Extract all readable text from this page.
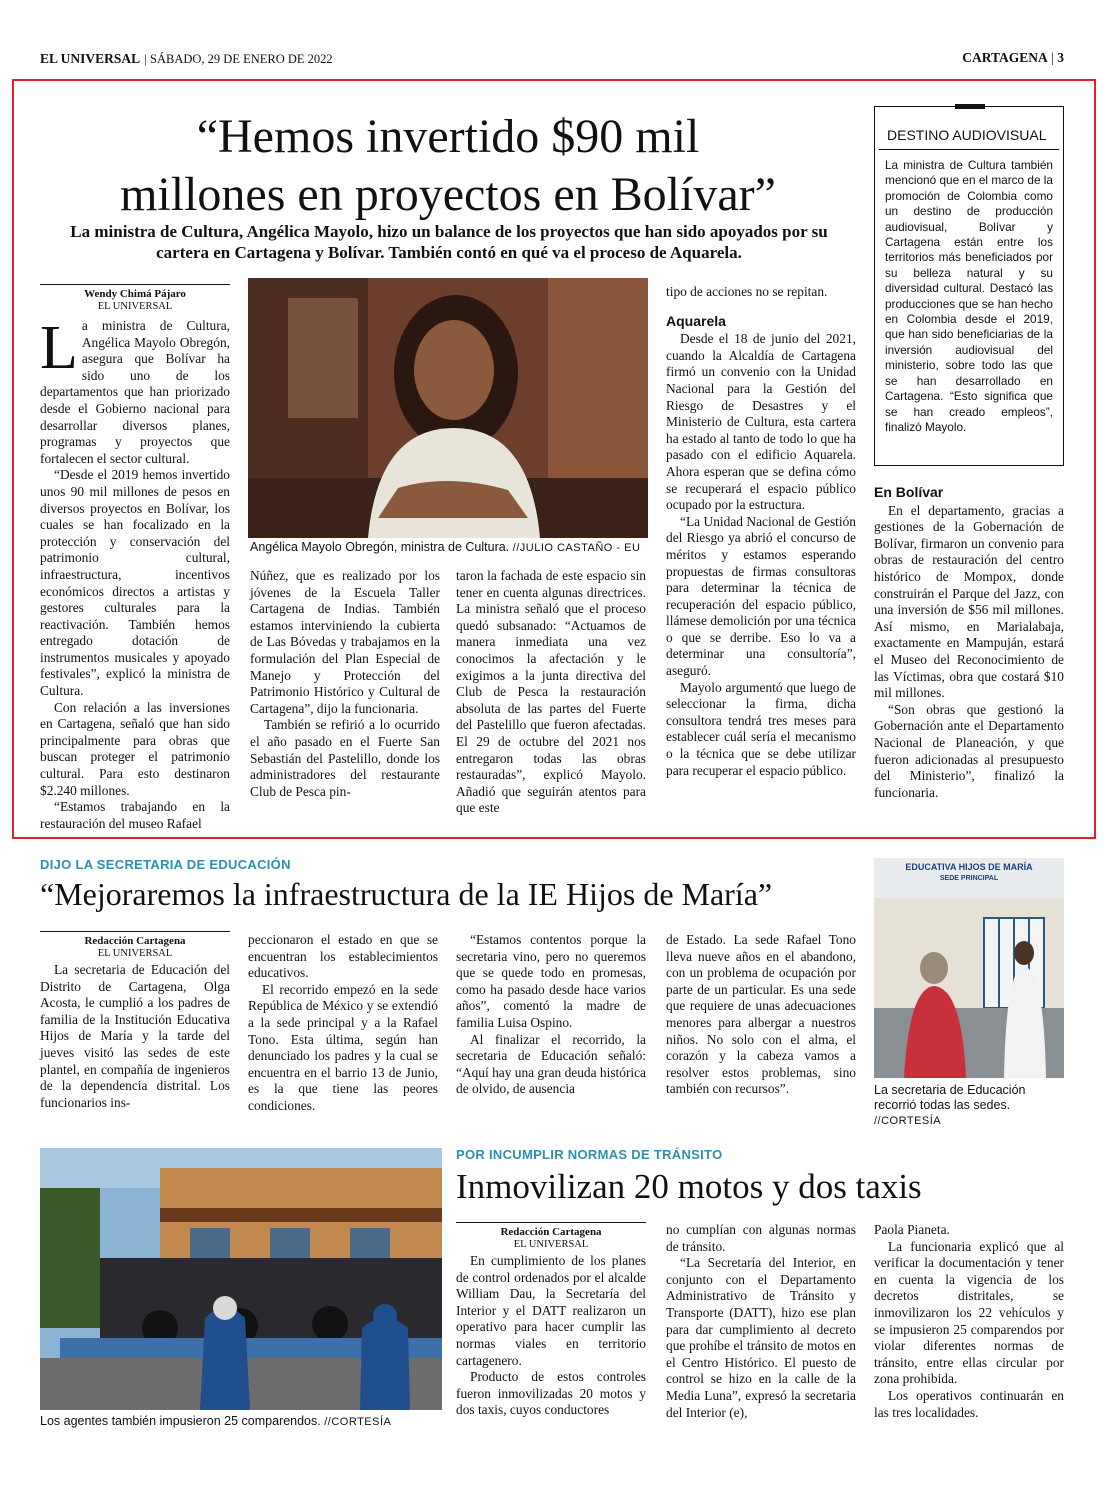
EL UNIVERSAL | SÁBADO, 29 DE ENERO DE 2022	CARTAGENA | 3
“Hemos invertido $90 mil
millones en proyectos en Bolívar”
La ministra de Cultura, Angélica Mayolo, hizo un balance de los proyectos que han sido apoyados por su cartera en Cartagena y Bolívar. También contó en qué va el proceso de Aquarela.
Wendy Chimá Pájaro
EL UNIVERSAL

La ministra de Cultura, Angélica Mayolo Obregón, asegura que Bolívar ha sido uno de los departamentos que han priorizado desde el Gobierno nacional para desarrollar diversos planes, programas y proyectos que fortalecen el sector cultural.

“Desde el 2019 hemos invertido unos 90 mil millones de pesos en diversos proyectos en Bolívar, los cuales se han focalizado en la protección y conservación del patrimonio cultural, infraestructura, incentivos económicos directos a artistas y gestores culturales para la reactivación. También hemos entregado dotación de instrumentos musicales y apoyado festivales”, explicó la ministra de Cultura.

Con relación a las inversiones en Cartagena, señaló que han sido principalmente para obras que buscan proteger el patrimonio cultural. Para esto destinaron $2.240 millones.

“Estamos trabajando en la restauración del museo Rafael

Angélica Mayolo Obregón, ministra de Cultura. //JULIO CASTAÑO - EU

Núñez, que es realizado por los jóvenes de la Escuela Taller Cartagena de Indias. También estamos interviniendo la cubierta de Las Bóvedas y trabajamos en la formulación del Plan Especial de Manejo y Protección del Patrimonio Histórico y Cultural de Cartagena”, dijo la funcionaria.

También se refirió a lo ocurrido el año pasado en el Fuerte San Sebastián del Pastelillo, donde los administradores del restaurante Club de Pesca pin-

taron la fachada de este espacio sin tener en cuenta algunas directrices. La ministra señaló que el proceso quedó subsanado: “Actuamos de manera inmediata una vez conocimos la afectación y le exigimos a la junta directiva del Club de Pesca la restauración absoluta de las partes del Fuerte del Pastelillo que fueron afectadas. El 29 de octubre del 2021 nos entregaron todas las obras restauradas”, explicó Mayolo. Añadió que seguirán atentos para que este

tipo de acciones no se repitan.

Aquarela

Desde el 18 de junio del 2021, cuando la Alcaldía de Cartagena firmó un convenio con la Unidad Nacional para la Gestión del Riesgo de Desastres y el Ministerio de Cultura, esta cartera ha estado al tanto de todo lo que ha pasado con el edificio Aquarela. Ahora esperan que se defina cómo se recuperará el espacio público ocupado por la estructura.

“La Unidad Nacional de Gestión del Riesgo ya abrió el concurso de méritos y estamos esperando propuestas de firmas consultoras para determinar la técnica de recuperación del espacio público, llámese demolición por una técnica o que se derribe. Eso lo va a determinar una consultoría”, aseguró.

Mayolo argumentó que luego de seleccionar la firma, dicha consultora tendrá tres meses para establecer cuál sería el mecanismo o la técnica que se debe utilizar para recuperar el espacio público.

DESTINO AUDIOVISUAL
La ministra de Cultura también mencionó que en el marco de la promoción de Colombia como un destino de producción audiovisual, Bolívar y Cartagena están entre los territorios más beneficiados por su belleza natural y su diversidad cultural. Destacó las producciones que se han hecho en Colombia desde el 2019, que han sido beneficiarias de la inversión audiovisual del ministerio, sobre todo las que se han desarrollado en Cartagena. “Esto significa que se han creado empleos”, finalizó Mayolo.
En Bolívar

En el departamento, gracias a gestiones de la Gobernación de Bolívar, firmaron un convenio para obras de restauración del centro histórico de Mompox, donde construirán el Parque del Jazz, con una inversión de $56 mil millones. Así mismo, en Marialabaja, exactamente en Mampuján, estará el Museo del Reconocimiento de las Víctimas, obra que costará $10 mil millones.

“Son obras que gestionó la Gobernación ante el Departamento Nacional de Planeación, y que fueron adicionadas al presupuesto del Ministerio”, finalizó la funcionaria.

DIJO LA SECRETARIA DE EDUCACIÓN
“Mejoraremos la infraestructura de la IE Hijos de María”
Redacción Cartagena
EL UNIVERSAL

La secretaria de Educación del Distrito de Cartagena, Olga Acosta, le cumplió a los padres de familia de la Institución Educativa Hijos de María y la tarde del jueves visitó las sedes de este plantel, en compañía de ingenieros de la dependencia distrital. Los funcionarios ins-

peccionaron el estado en que se encuentran los establecimientos educativos.

El recorrido empezó en la sede República de México y se extendió a la sede principal y a la Rafael Tono. Esta última, según han denunciado los padres y la cual se encuentra en el barrio 13 de Junio, es la que tiene las peores condiciones.

“Estamos contentos porque la secretaria vino, pero no queremos que se quede todo en promesas, como ha pasado desde hace varios años”, comentó la madre de familia Luisa Ospino.

Al finalizar el recorrido, la secretaria de Educación señaló: “Aquí hay una gran deuda histórica de olvido, de ausencia

de Estado. La sede Rafael Tono lleva nueve años en el abandono, con un problema de ocupación por parte de un particular. Es una sede que requiere de unas adecuaciones menores para albergar a nuestros niños. No solo con el alma, el corazón y la cabeza vamos a resolver estos problemas, sino también con recursos”.

EDUCATIVA HIJOS DE MARÍA
SEDE PRINCIPAL
La secretaria de Educación recorrió todas las sedes. //CORTESÍA
Los agentes también impusieron 25 comparendos. //CORTESÍA
POR INCUMPLIR NORMAS DE TRÁNSITO
Inmovilizan 20 motos y dos taxis
Redacción Cartagena
EL UNIVERSAL

En cumplimiento de los planes de control ordenados por el alcalde William Dau, la Secretaría del Interior y el DATT realizaron un operativo para hacer cumplir las normas viales en territorio cartagenero.

Producto de estos controles fueron inmovilizadas 20 motos y dos taxis, cuyos conductores

no cumplían con algunas normas de tránsito.

“La Secretaría del Interior, en conjunto con el Departamento Administrativo de Tránsito y Transporte (DATT), hizo ese plan para dar cumplimiento al decreto que prohíbe el tránsito de motos en el Centro Histórico. El puesto de control se hizo en la calle de la Media Luna”, expresó la secretaria del Interior (e),

Paola Pianeta.

La funcionaria explicó que al verificar la documentación y tener en cuenta la vigencia de los decretos distritales, se inmovilizaron los 22 vehículos y se impusieron 25 comparendos por violar diferentes normas de tránsito, entre ellas circular por zona prohibida.

Los operativos continuarán en las tres localidades.
